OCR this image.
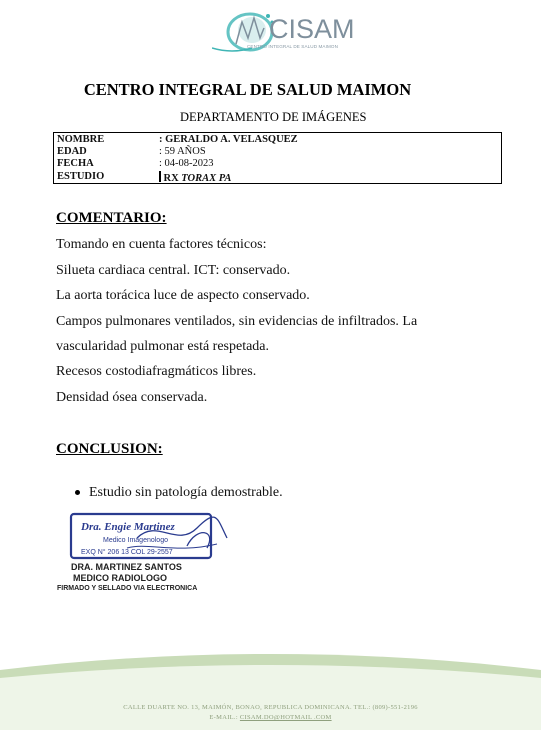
CISAM
CENTRO INTEGRAL DE SALUD MAIMON
CENTRO INTEGRAL DE SALUD MAIMON
DEPARTAMENTO DE IMÁGENES
NOMBRE	: GERALDO A. VELASQUEZ
EDAD	: 59 AÑOS
FECHA	: 04-08-2023
ESTUDIO	RX TORAX PA
COMENTARIO:
Tomando en cuenta factores técnicos:
Silueta cardiaca central. ICT: conservado.
La aorta torácica luce de aspecto conservado.
Campos pulmonares ventilados, sin evidencias de infiltrados. La
vascularidad pulmonar está respetada.
Recesos costodiafragmáticos libres.
Densidad ósea conservada.
CONCLUSION:
Estudio sin patología demostrable.
Dra. Engie Martinez
Medico Imagenologo
EXQ N° 206 13 COL 29-2557
DRA. MARTINEZ SANTOS
MEDICO RADIOLOGO
FIRMADO Y SELLADO VIA ELECTRONICA
CALLE DUARTE NO. 13, MAIMÓN, BONAO, REPUBLICA DOMINICANA. TEL.: (809)-551-2196
E-MAIL.: CISAM.DO@HOTMAIL .COM
